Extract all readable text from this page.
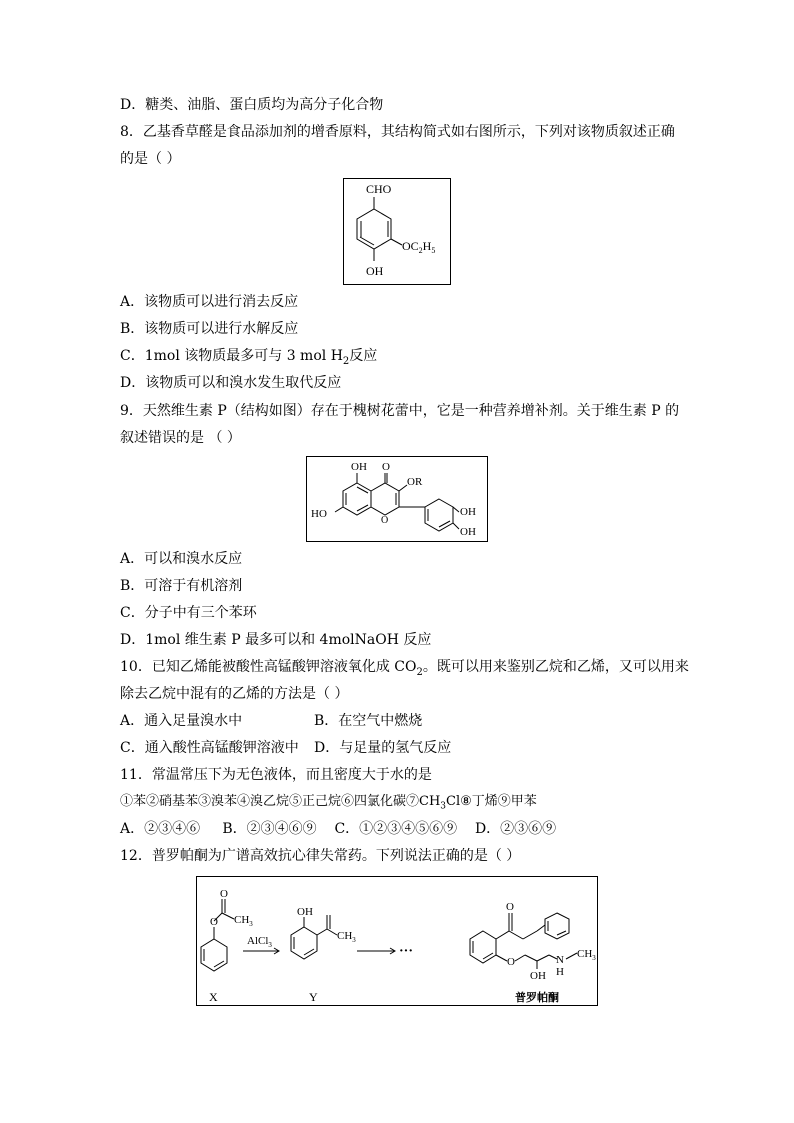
D．糖类、油脂、蛋白质均为高分子化合物
8．乙基香草醛是食品添加剂的增香原料，其结构简式如右图所示，下列对该物质叙述正确
的是（ ）
CHO
$OC_2H_5$
OH
A．该物质可以进行消去反应
B．该物质可以进行水解反应
C．1mol 该物质最多可与 3 mol $H_2$反应
D．该物质可以和溴水发生取代反应
9．天然维生素 P（结构如图）存在于槐树花蕾中，它是一种营养增补剂。关于维生素 P 的
叙述错误的是 （ ）
OH O
OR
O
HO	OH
OH
A．可以和溴水反应
B．可溶于有机溶剂
C．分子中有三个苯环
D．1mol 维生素 P 最多可以和 4molNaOH 反应
10．已知乙烯能被酸性高锰酸钾溶液氧化成 $CO_2$。既可以用来鉴别乙烷和乙烯，又可以用来
除去乙烷中混有的乙烯的方法是（ ）
A．通入足量溴水中	B．在空气中燃烧
C．通入酸性高锰酸钾溶液中 D．与足量的氢气反应
11．常温常压下为无色液体，而且密度大于水的是
①苯②硝基苯③溴苯④溴乙烷⑤正己烷⑥四氯化碳$⑦CH_3Cl⑧$丁烯⑨甲苯
A．②③④⑥     B．②③④⑥⑨    C．①②③④⑤⑥⑨    D．②③⑥⑨
12．普罗帕酮为广谱高效抗心律失常药。下列说法正确的是（ ）
O
O
$CH_3$
AlCl$_3$
OH
$CH_3$
···
O
O
OH
N
H
$CH_3$
X	Y	普罗帕酮
